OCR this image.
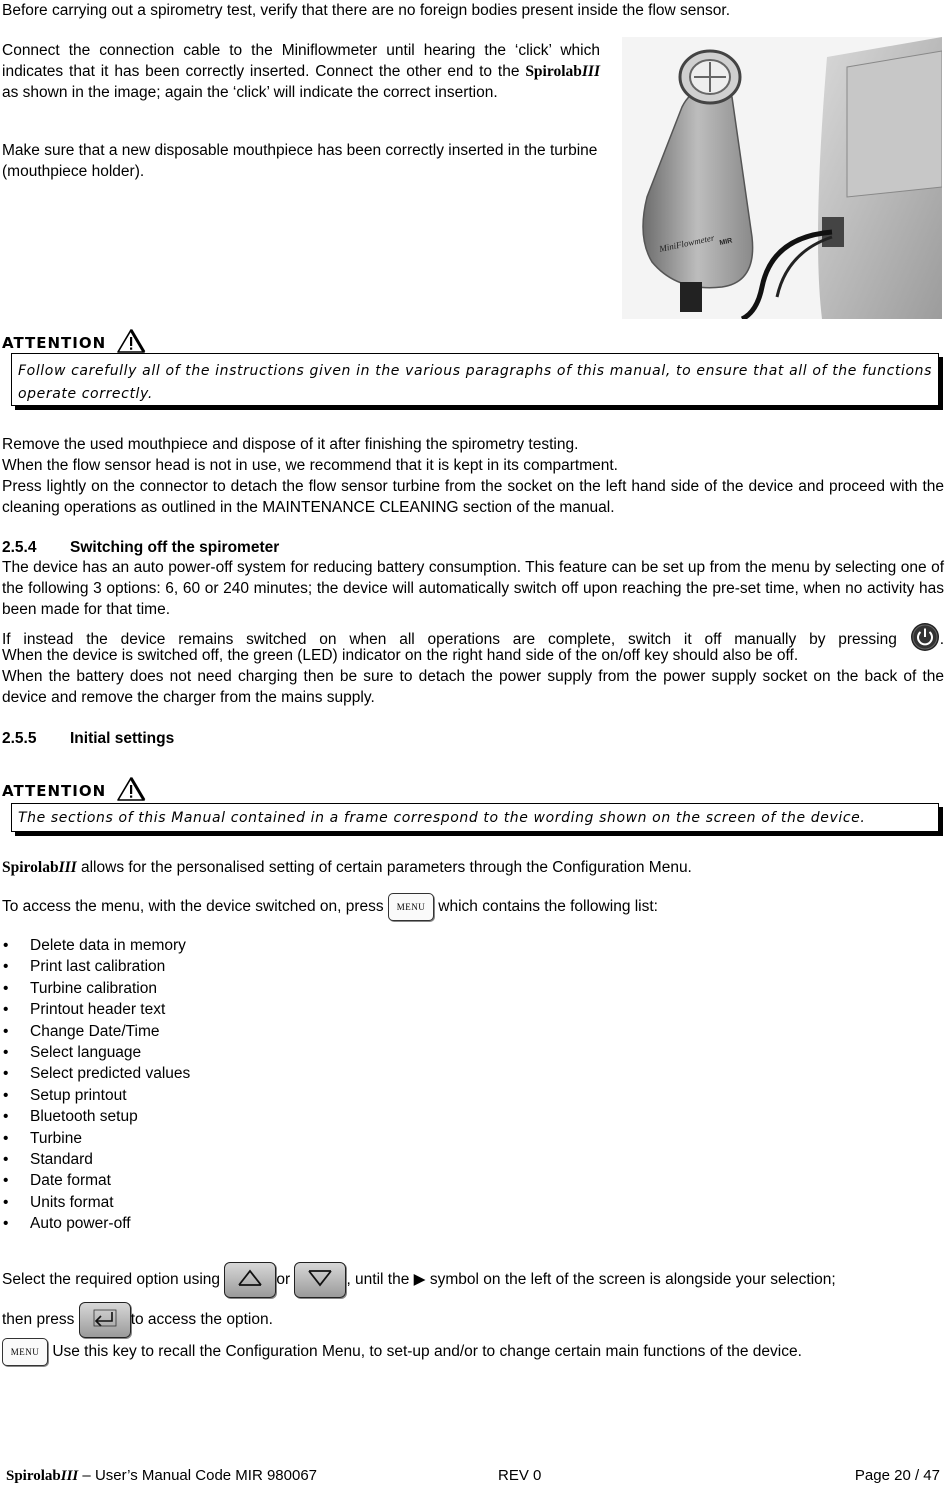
Before carrying out a spirometry test, verify that there are no foreign bodies present inside the flow sensor.

Connect the connection cable to the Miniflowmeter until hearing the ‘click’ which indicates that it has been correctly inserted. Connect the other end to the SpirolabIII as shown in the image; again the ‘click’ will indicate the correct insertion.
Make sure that a new disposable mouthpiece has been correctly inserted in the turbine (mouthpiece holder).
MiniFlowmeter MIR
ATTENTION

Follow carefully all of the instructions given in the various paragraphs of this manual, to ensure that all of the functions operate correctly.

Remove the used mouthpiece and dispose of it after finishing the spirometry testing.

When the flow sensor head is not in use, we recommend that it is kept in its compartment.

Press lightly on the connector to detach the flow sensor turbine from the socket on the left hand side of the device and proceed with the cleaning operations as outlined in the MAINTENANCE CLEANING section of the manual.

2.5.4 Switching off the spirometer

The device has an auto power-off system for reducing battery consumption. This feature can be set up from the menu by selecting one of the following 3 options: 6, 60 or 240 minutes; the device will automatically switch off upon reaching the pre-set time, when no activity has been made for that time.

If instead the device remains switched on when all operations are complete, switch it off manually by pressing	.

When the device is switched off, the green (LED) indicator on the right hand side of the on/off key should also be off.

When the battery does not need charging then be sure to detach the power supply from the power supply socket on the back of the device and remove the charger from the mains supply.

2.5.5 Initial settings
ATTENTION

The sections of this Manual contained in a frame correspond to the wording shown on the screen of the device.

SpirolabIII allows for the personalised setting of certain parameters through the Configuration Menu.
To access the menu, with the device switched on, press MENU which contains the following list:
• Delete data in memory
• Print last calibration
• Turbine calibration
• Printout header text
• Change Date/Time
• Select language
• Select predicted values
• Setup printout
• Bluetooth setup
• Turbine
• Standard
• Date format
• Units format
• Auto power-off
Select the required option using	or	, until the ▶ symbol on the left of the screen is alongside your selection;
then press	to access the option.
MENU Use this key to recall the Configuration Menu, to set-up and/or to change certain main functions of the device.
SpirolabIII – User’s Manual Code MIR 980067	REV 0	Page 20 / 47
